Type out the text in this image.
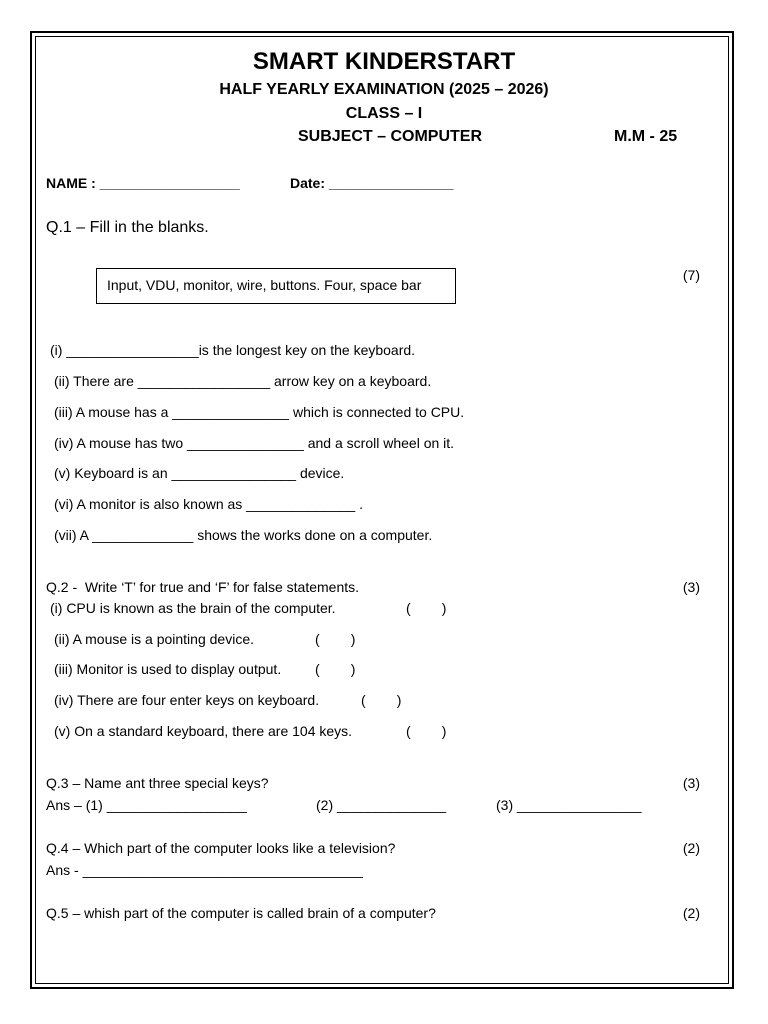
SMART KINDERSTART
HALF YEARLY EXAMINATION (2025 – 2026)
CLASS – I
SUBJECT – COMPUTER	M.M - 25
NAME : __________________	Date: ________________
Q.1 – Fill in the blanks.
Input, VDU, monitor, wire, buttons. Four, space bar
(7)
(i) _________________is the longest key on the keyboard.
(ii) There are _________________ arrow key on a keyboard.
(iii) A mouse has a _______________ which is connected to CPU.
(iv) A mouse has two _______________ and a scroll wheel on it.
(v) Keyboard is an ________________ device.
(vi) A monitor is also known as ______________ .
(vii) A _____________ shows the works done on a computer.
Q.2 -  Write ‘T’ for true and ‘F’ for false statements.	(3)
(i) CPU is known as the brain of the computer.	(        )
(ii) A mouse is a pointing device.	(        )
(iii) Monitor is used to display output. (        )
(iv) There are four enter keys on keyboard.	(        )
(v) On a standard keyboard, there are 104 keys.	(        )
Q.3 – Name ant three special keys?	(3)
Ans – (1) __________________	(2) ______________	(3) ________________
Q.4 – Which part of the computer looks like a television?	(2)
Ans - ____________________________________
Q.5 – whish part of the computer is called brain of a computer?	(2)
